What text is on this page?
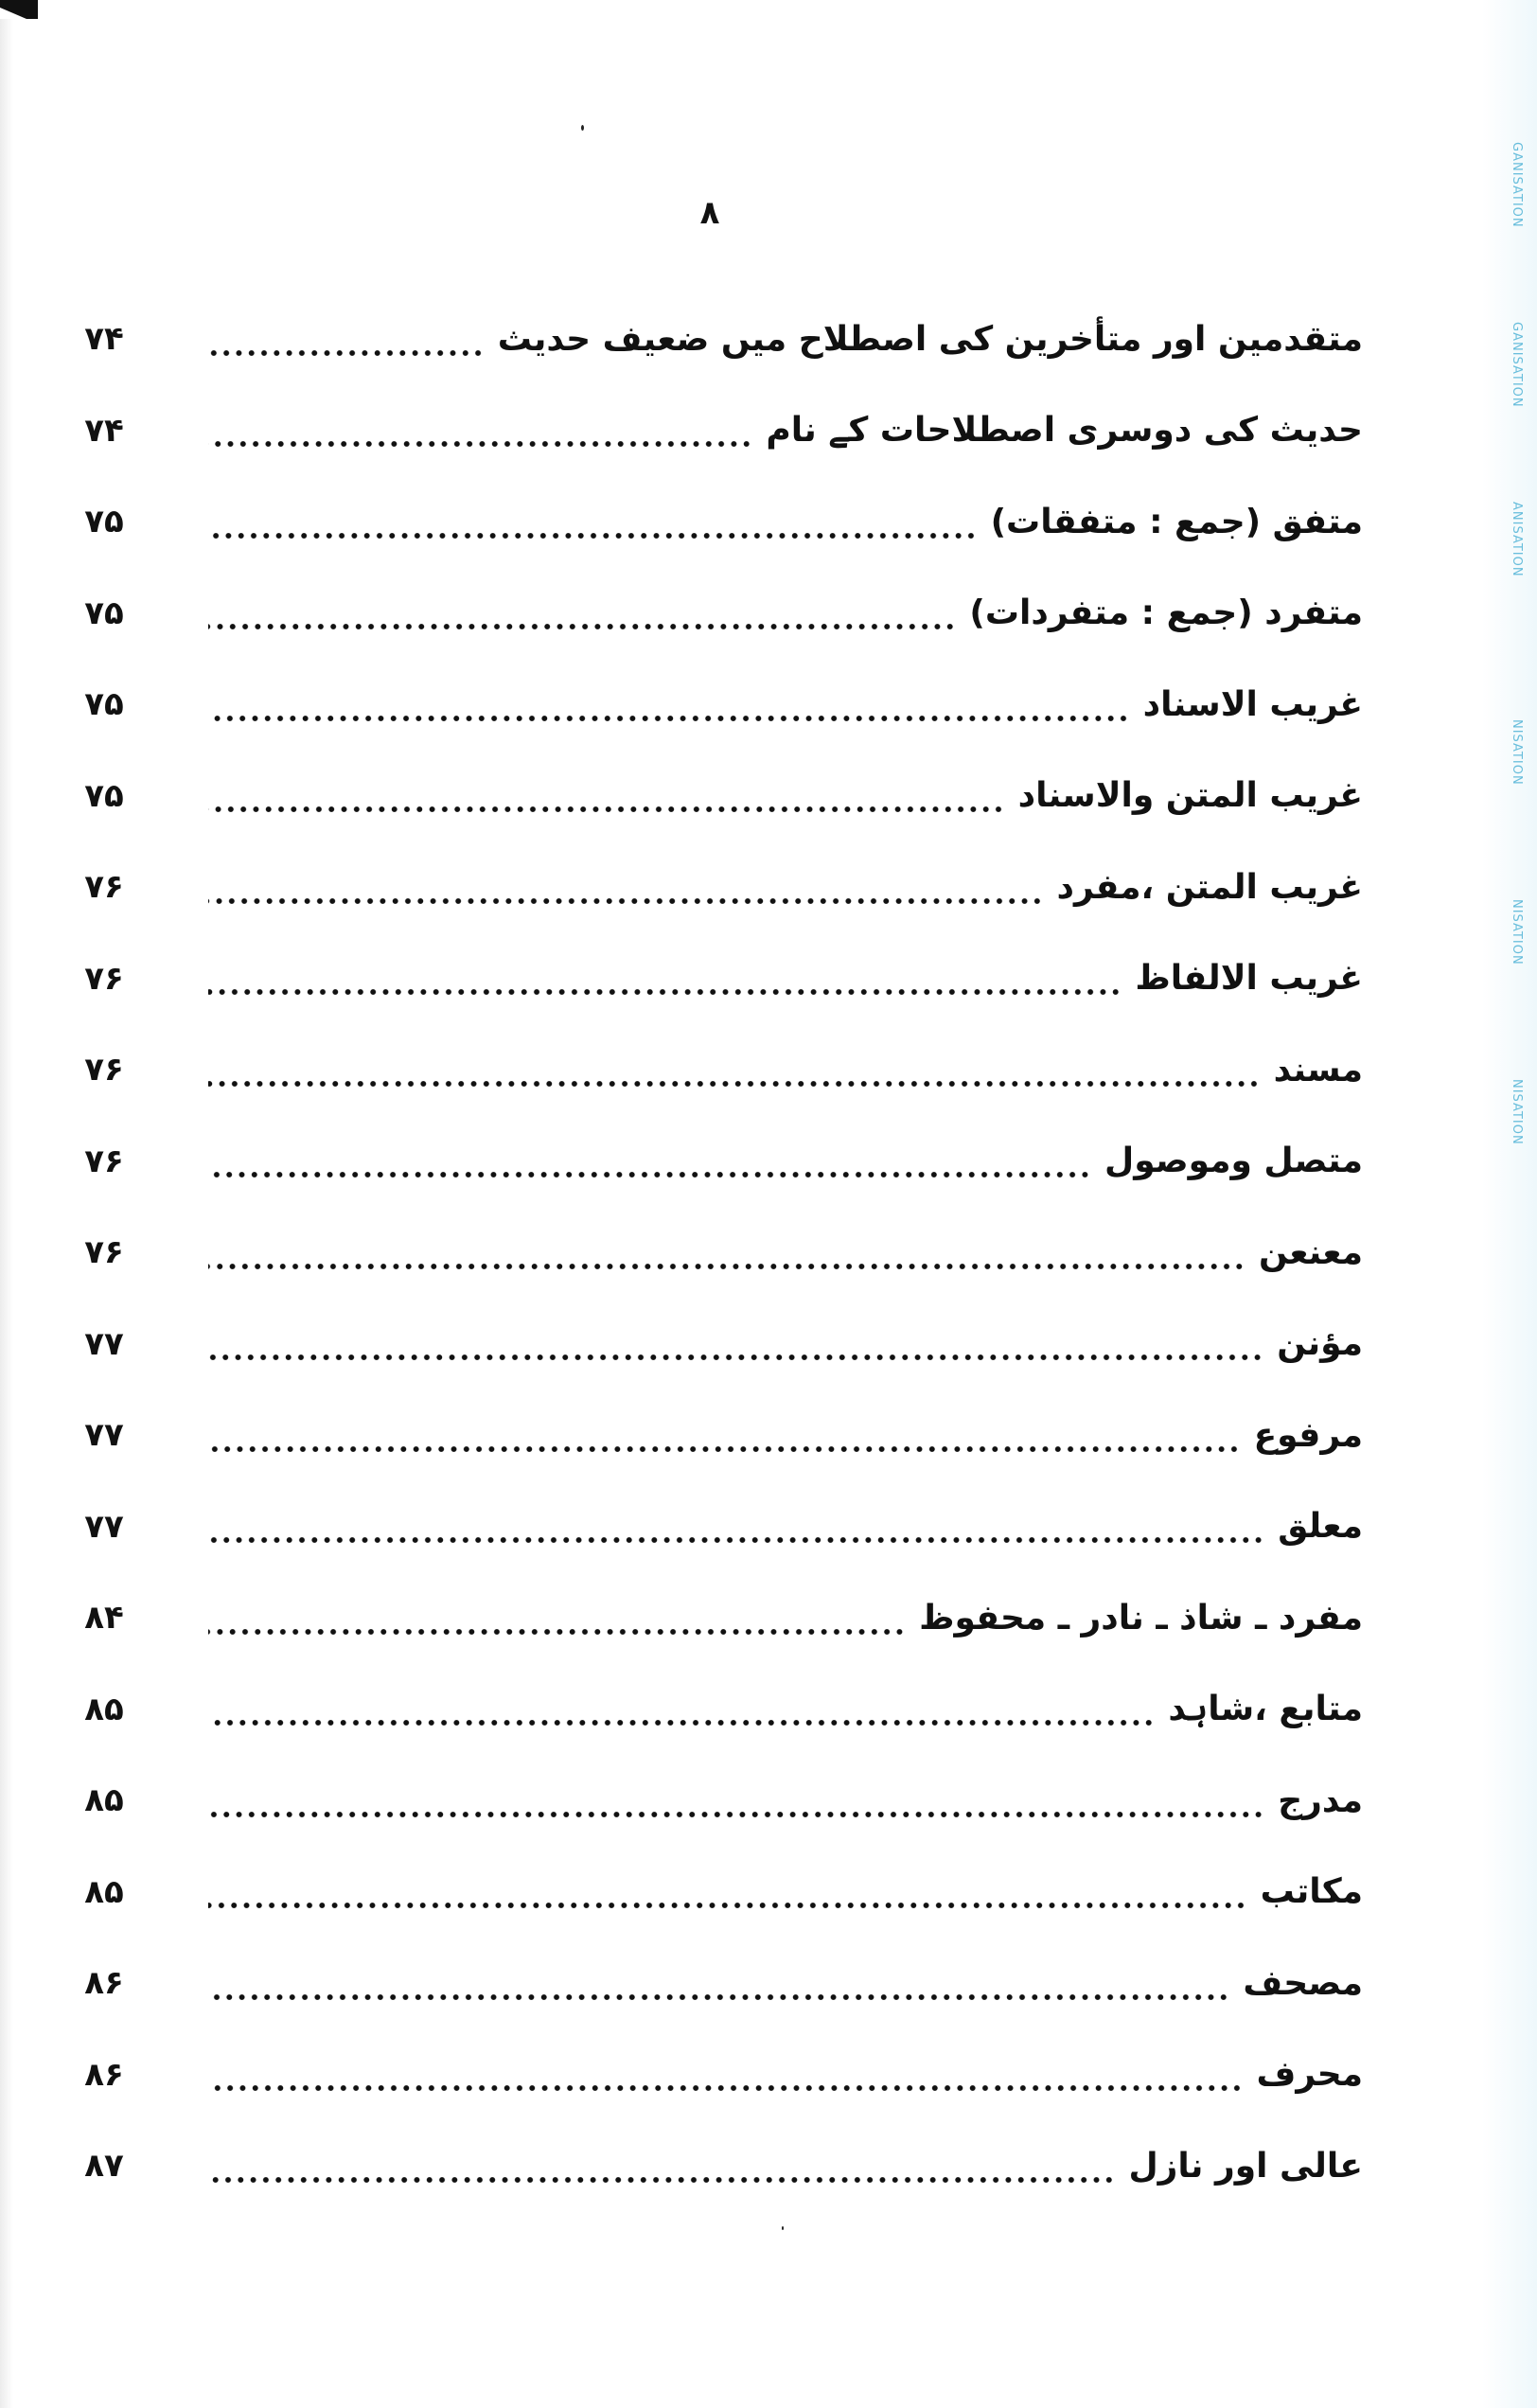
GANISATION
GANISATION
ANISATION
NISATION
NISATION
NISATION
٨
۷۴	متقدمین اور متأخرین کی اصطلاح میں ضعیف حدیث
۷۴	حدیث کی دوسری اصطلاحات کے نام
۷۵	متفق (جمع : متفقات)
۷۵	متفرد (جمع : متفردات)
۷۵	غریب الاسناد
۷۵	غریب المتن والاسناد
۷۶	غریب المتن ،مفرد
۷۶	غریب الالفاظ
۷۶	مسند
۷۶	متصل وموصول
۷۶	معنعن
۷۷	مؤنن
۷۷	مرفوع
۷۷	معلق
۸۴	مفرد ـ شاذ ـ نادر ـ محفوظ
۸۵	متابع ،شاہد
۸۵	مدرج
۸۵	مکاتب
۸۶	مصحف
۸۶	محرف
۸۷	عالی اور نازل
